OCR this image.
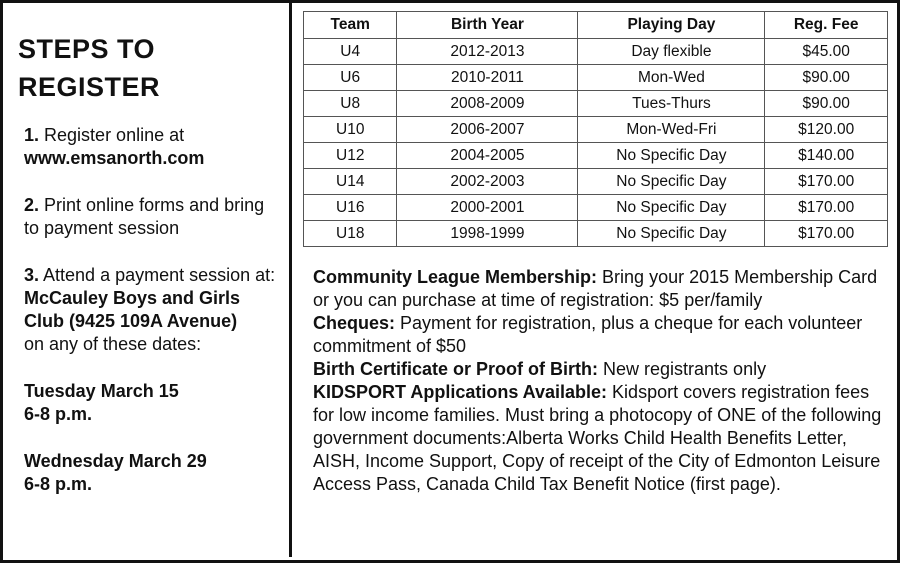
STEPS TO
REGISTER
1. Register online at
www.emsanorth.com
2. Print online forms and bring to payment session
3. Attend a payment session at:
McCauley Boys and Girls Club (9425 109A Avenue)
on any of these dates:
Tuesday March 15
6-8 p.m.
Wednesday March 29
6-8 p.m.
Team	Birth Year	Playing Day	Reg. Fee
U4	2012-2013	Day flexible	$45.00
U6	2010-2011	Mon-Wed	$90.00
U8	2008-2009	Tues-Thurs	$90.00
U10	2006-2007	Mon-Wed-Fri	$120.00
U12	2004-2005	No Specific Day	$140.00
U14	2002-2003	No Specific Day	$170.00
U16	2000-2001	No Specific Day	$170.00
U18	1998-1999	No Specific Day	$170.00

Community League Membership: Bring your 2015 Membership Card or you can purchase at time of registration: $5 per/family

Cheques: Payment for registration, plus a cheque for each volunteer commitment of $50

Birth Certificate or Proof of Birth: New registrants only

KIDSPORT Applications Available: Kidsport covers registration fees for low income families. Must bring a photocopy of ONE of the following government documents:Alberta Works Child Health Benefits Letter, AISH, Income Support, Copy of receipt of the City of Edmonton Leisure Access Pass, Canada Child Tax Benefit Notice (first page).
